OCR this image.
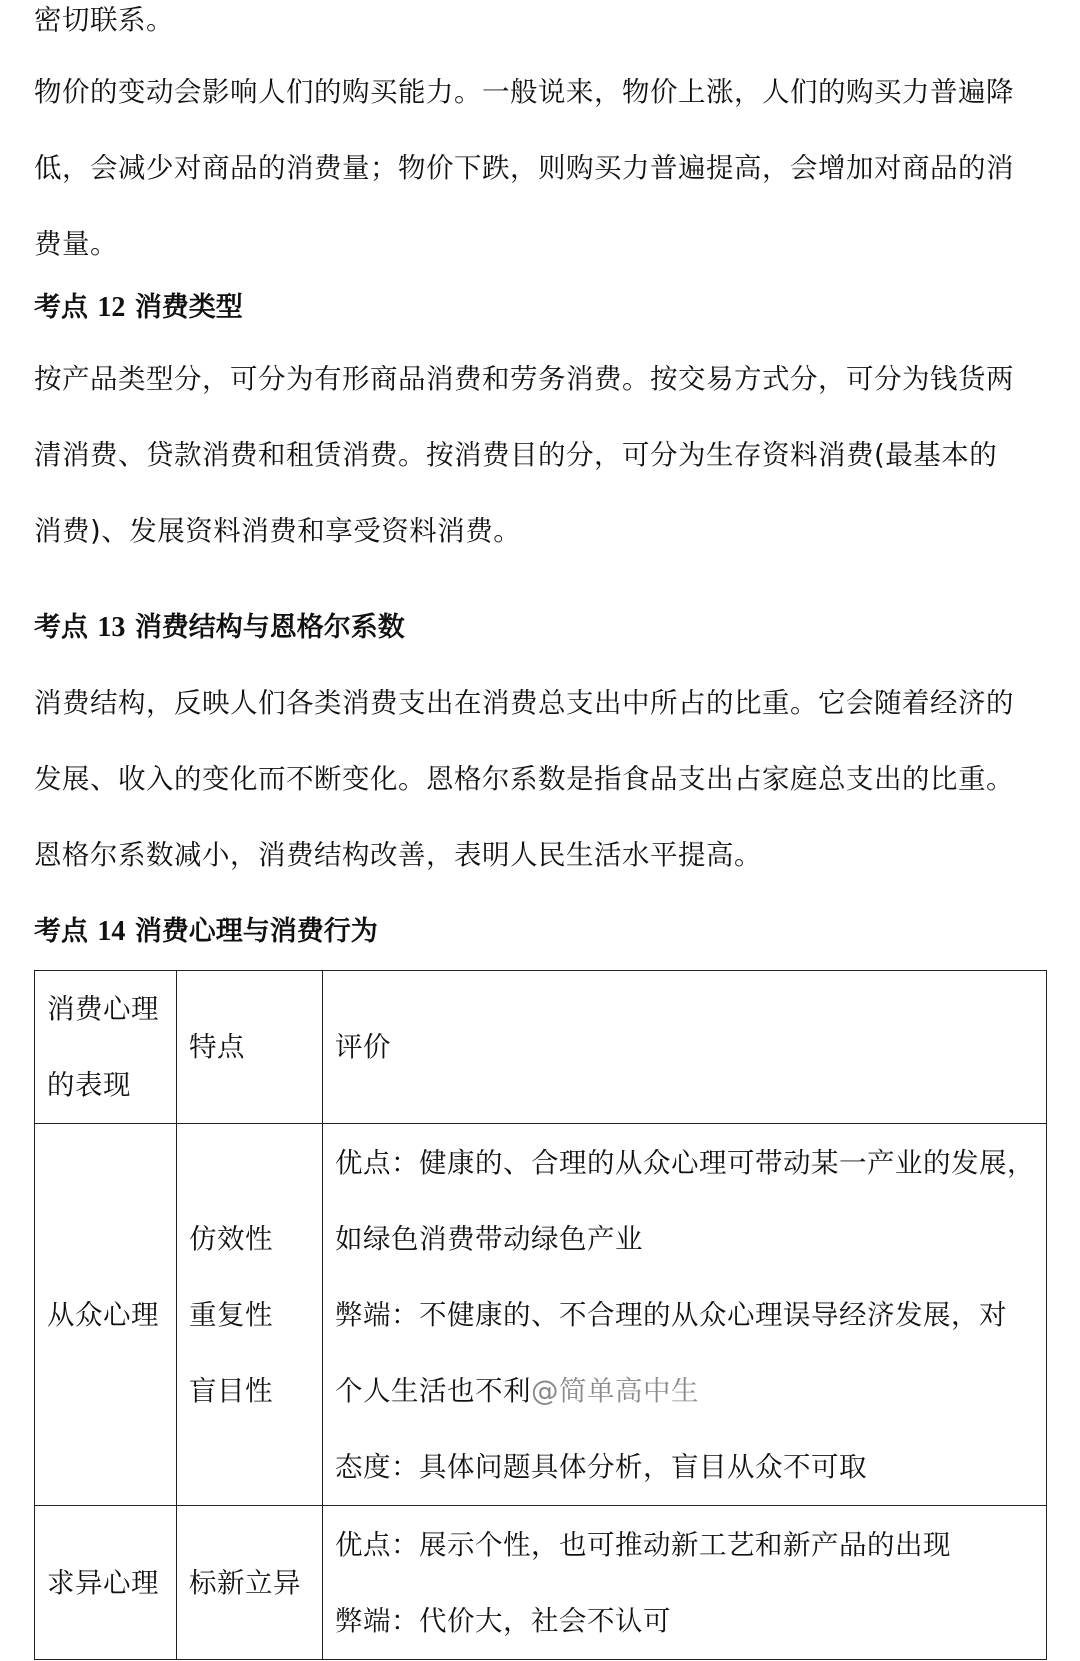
密切联系。

物价的变动会影响人们的购买能力。一般说来，物价上涨，人们的购买力普遍降
低，会减少对商品的消费量；物价下跌，则购买力普遍提高，会增加对商品的消
费量。

考点 12 消费类型

按产品类型分，可分为有形商品消费和劳务消费。按交易方式分，可分为钱货两
清消费、贷款消费和租赁消费。按消费目的分，可分为生存资料消费(最基本的
消费)、发展资料消费和享受资料消费。

考点 13 消费结构与恩格尔系数

消费结构，反映人们各类消费支出在消费总支出中所占的比重。它会随着经济的
发展、收入的变化而不断变化。恩格尔系数是指食品支出占家庭总支出的比重。
恩格尔系数减小，消费结构改善，表明人民生活水平提高。

考点 14 消费心理与消费行为
消费心理
的表现	特点	评价

从众心理	仿效性
重复性
盲目性	优点：健康的、合理的从众心理可带动某一产业的发展，
如绿色消费带动绿色产业
弊端：不健康的、不合理的从众心理误导经济发展，对
个人生活也不利@简单高中生
态度：具体问题具体分析，盲目从众不可取

求异心理	标新立异	优点：展示个性，也可推动新工艺和新产品的出现
弊端：代价大，社会不认可
